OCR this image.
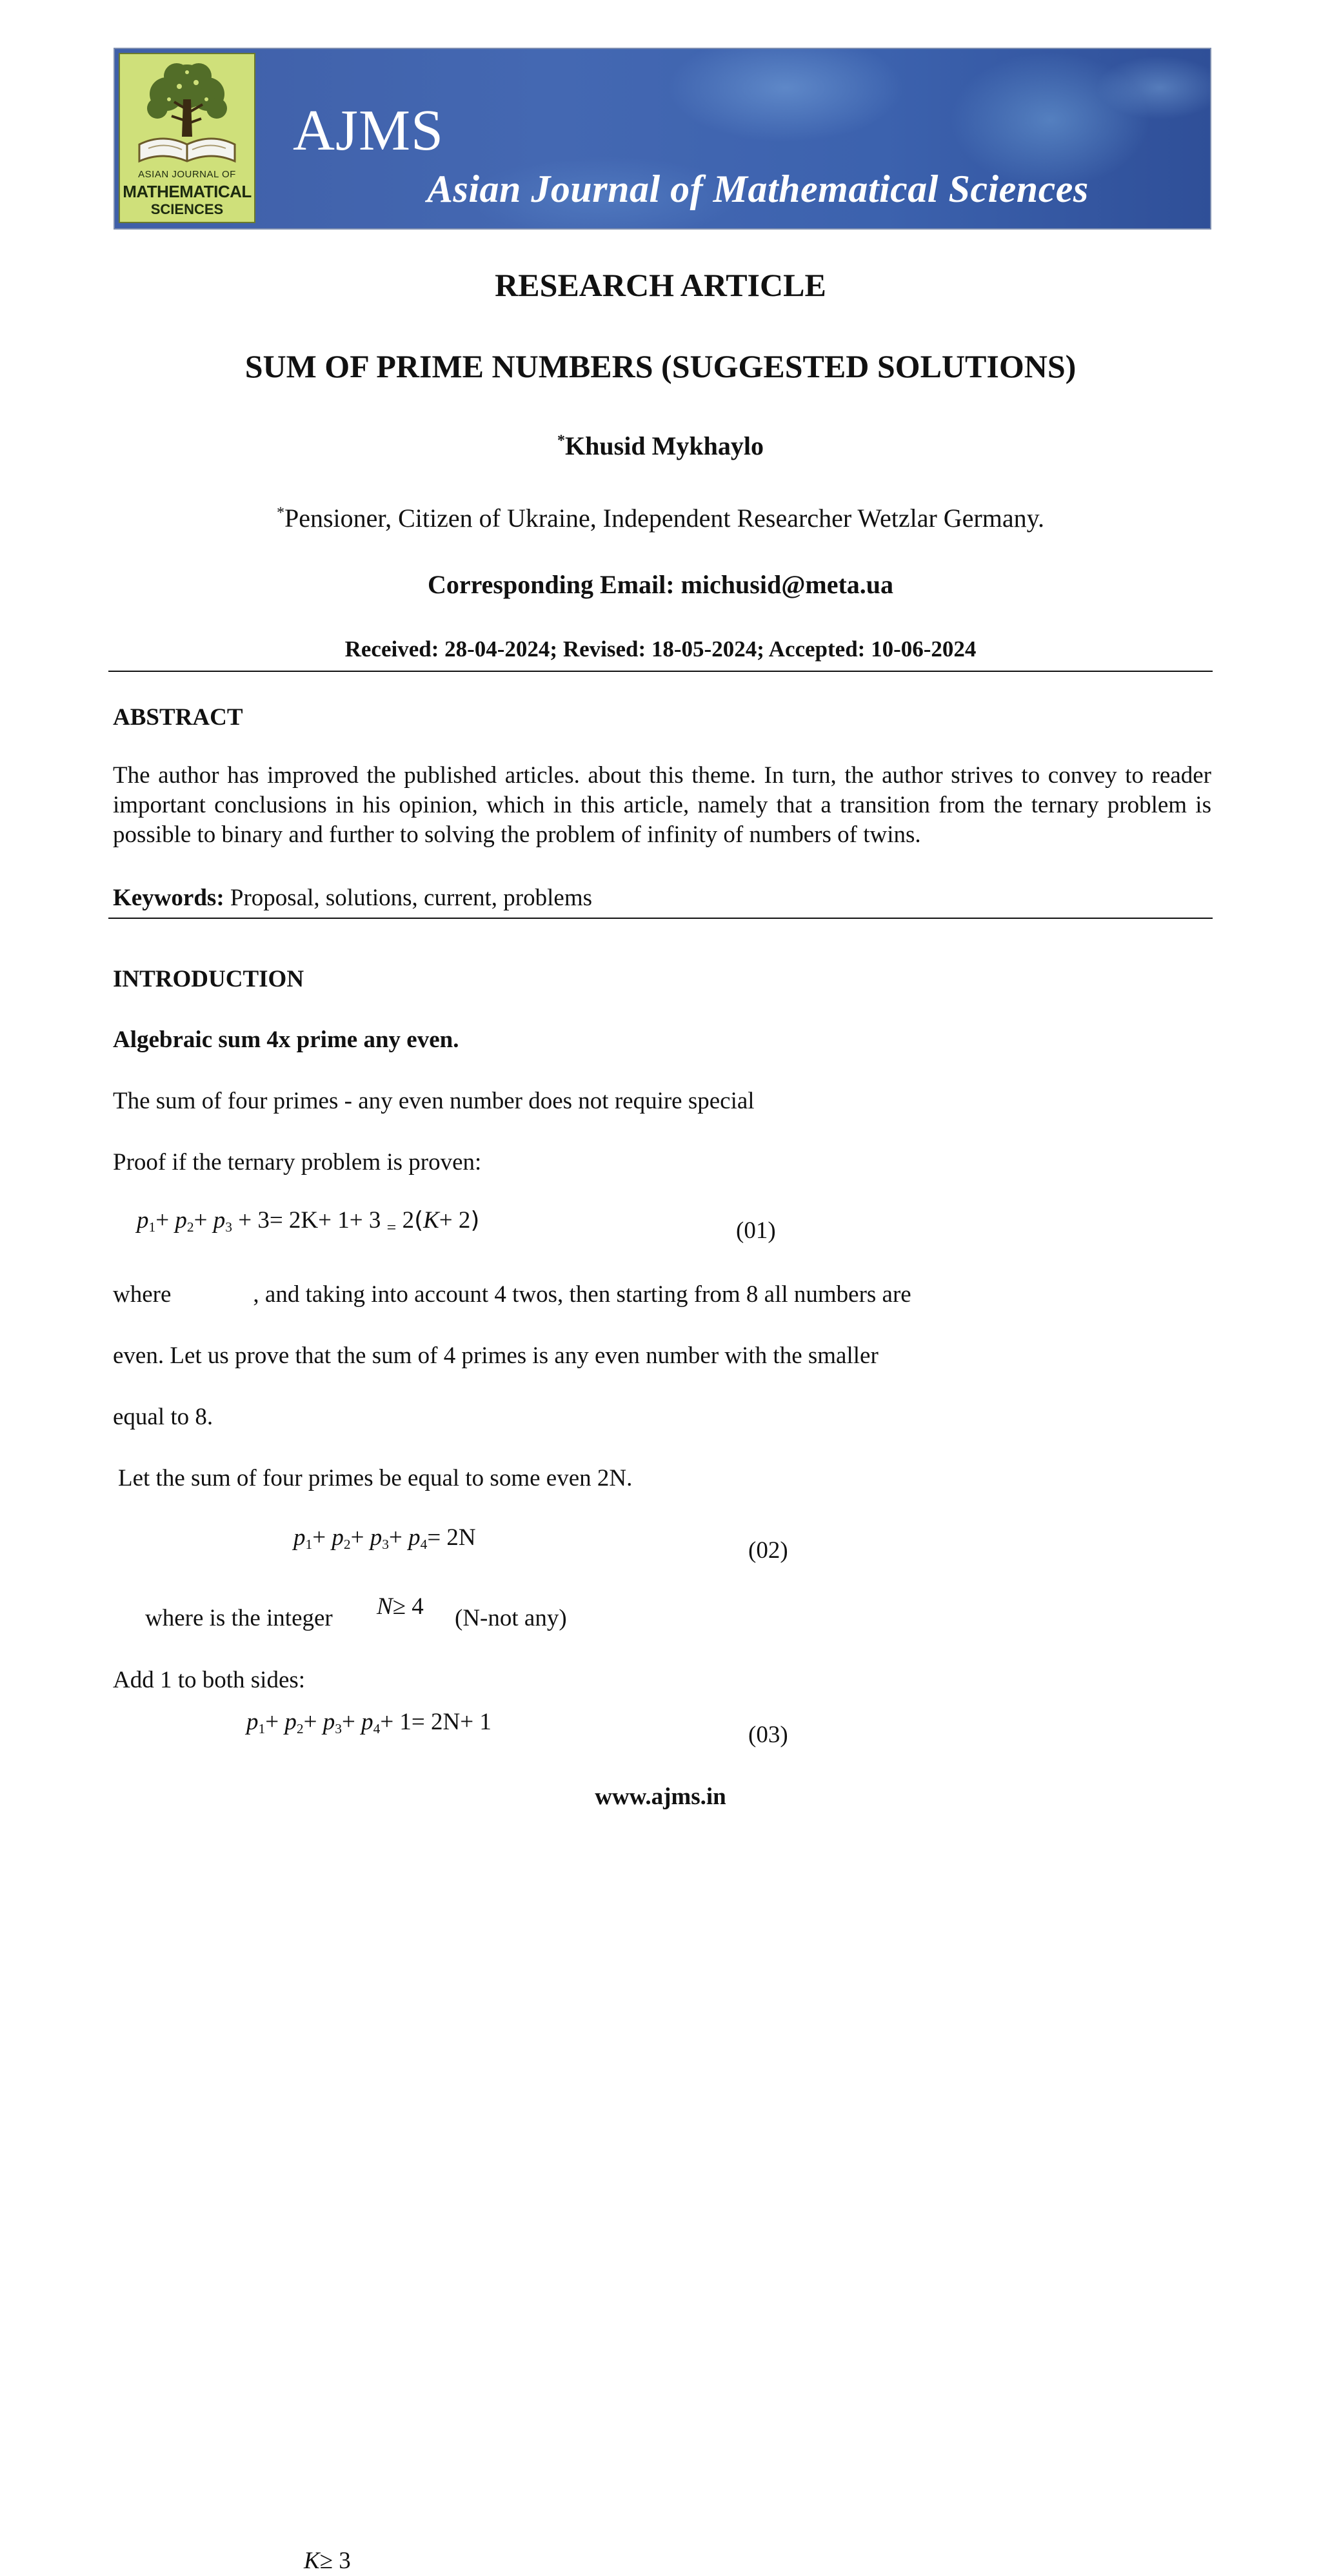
ASIAN JOURNAL OF
MATHEMATICAL
SCIENCES
AJMS
Asian Journal of Mathematical Sciences
RESEARCH ARTICLE
SUM OF PRIME NUMBERS (SUGGESTED SOLUTIONS)
*Khusid Mykhaylo
*Pensioner, Citizen of Ukraine, Independent Researcher Wetzlar Germany.
Corresponding Email: michusid@meta.ua
Received: 28-04-2024; Revised: 18-05-2024; Accepted: 10-06-2024
ABSTRACT
The author has improved the published articles. about this theme. In turn, the author strives to convey to reader important conclusions in his opinion, which in this article, namely that a transition from the ternary problem is possible to binary and further to solving the problem of infinity of numbers of twins.
Keywords: Proposal, solutions, current, problems
INTRODUCTION
Algebraic sum 4x prime any even.
The sum of four primes - any even number does not require special
Proof if the ternary problem is proven:
$p_1+ p_2+ p_3 + 3= 2K+ 1+ 3$ $_=$ 2(K+ 2)	(01)
where
K≥ 3
, and taking into account 4 twos, then starting from 8 all numbers are
even. Let us prove that the sum of 4 primes is any even number with the smaller
equal to 8.
Let the sum of four primes be equal to some even 2N.
$p_1+ p_2+ p_3+ p_4= 2N$	(02)
where is the integer N≥ 4 (N-not any)
Add 1 to both sides:
$p_1+ p_2+ p_3+ p_4+ 1= 2N+ 1$	(03)
www.ajms.in
